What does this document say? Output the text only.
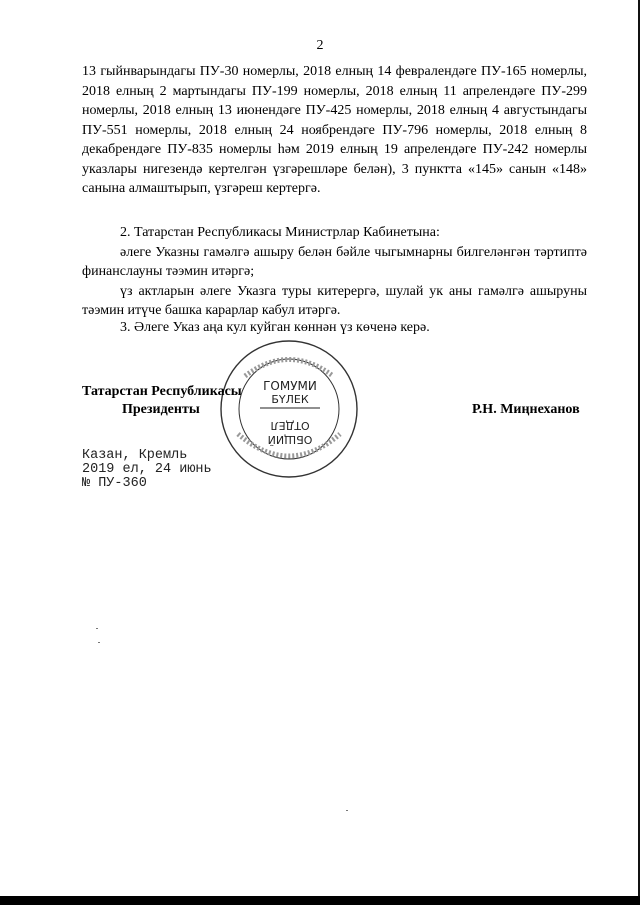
2

13 гыйнварындагы ПУ-30 номерлы, 2018 елның 14 февралендәге ПУ-165 номерлы, 2018 елның 2 мартындагы ПУ-199 номерлы, 2018 елның 11 апрелендәге ПУ-299 номерлы, 2018 елның 13 июнендәге ПУ-425 номерлы, 2018 елның 4 августындагы ПУ-551 номерлы, 2018 елның 24 ноябрендәге ПУ-796 номерлы, 2018 елның 8 декабрендәге ПУ-835 номерлы һәм 2019 елның 19 апрелендәге ПУ-242 номерлы указлары нигезендә кертелгән үзгәрешләре белән), 3 пунктта «145» санын «148» санына алмаштырып, үзгәреш кертергә.

2. Татарстан Республикасы Министрлар Кабинетына:

әлеге Указны гамәлгә ашыру белән бәйле чыгымнарны билгеләнгән тәртиптә финанслауны тәэмин итәргә;

үз актларын әлеге Указга туры китерергә, шулай ук аны гамәлгә ашыруны тәэмин итүче башка карарлар кабул итәргә.

3. Әлеге Указ аңа кул куйган көннән үз көченә керә.

ГОМУМИ
БҮЛЕК
ОТДЕЛ
ОБЩИЙ
Татарстан Республикасы
Президенты	Р.Н. Миңнеханов
Казан, Кремль
2019 ел, 24 июнь
№ ПУ-360
